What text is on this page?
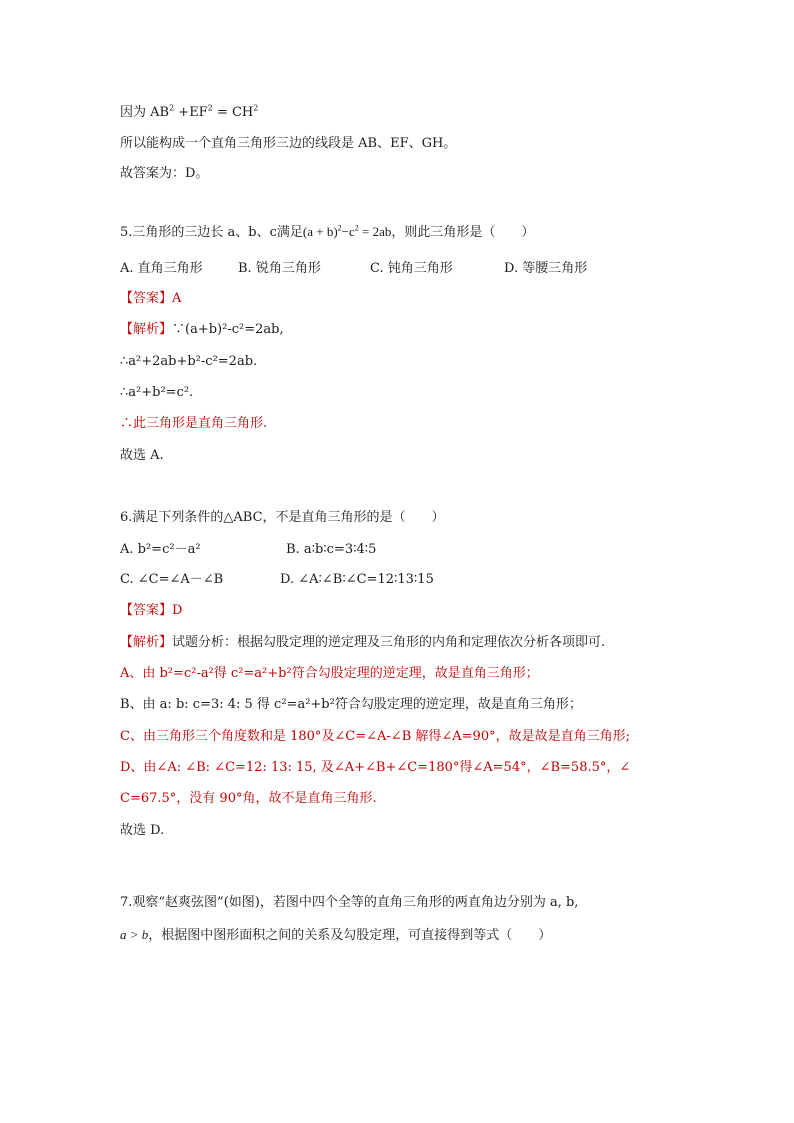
因为 $AB^2 +EF^2 = CH^2$
所以能构成一个直角三角形三边的线段是 AB、EF、GH。
故答案为：D。
5.三角形的三边长 a、b、c满足$(a + b)^2-c^2 = 2ab$，则此三角形是（　　）
A. 直角三角形	B. 锐角三角形	C. 钝角三角形	D. 等腰三角形
【答案】A
【解析】∵(a+b)²-c²=2ab,
∴a²+2ab+b²-c²=2ab.
∴a²+b²=c².
∴此三角形是直角三角形.
故选 A.
6.满足下列条件的△ABC，不是直角三角形的是（　　）
A. b²=c²－a²	B. a∶b∶c=3∶4∶5
C. ∠C=∠A－∠B	D. ∠A∶∠B∶∠C=12∶13∶15
【答案】D
【解析】试题分析：根据勾股定理的逆定理及三角形的内角和定理依次分析各项即可.
A、由 b²=c²-a²得 c²=a²+b²符合勾股定理的逆定理，故是直角三角形；
B、由 a: b: c=3: 4: 5 得 c²=a²+b²符合勾股定理的逆定理，故是直角三角形；
C、由三角形三个角度数和是 180°及∠C=∠A-∠B 解得∠A=90°，故是故是直角三角形;
D、由∠A: ∠B: ∠C=12: 13: 15, 及∠A+∠B+∠C=180°得∠A=54°，∠B=58.5°，∠
C=67.5°，没有 90°角，故不是直角三角形.
故选 D.
7.观察“赵爽弦图”(如图)，若图中四个全等的直角三角形的两直角边分别为 a, b,
a > b，根据图中图形面积之间的关系及勾股定理，可直接得到等式（　　）
